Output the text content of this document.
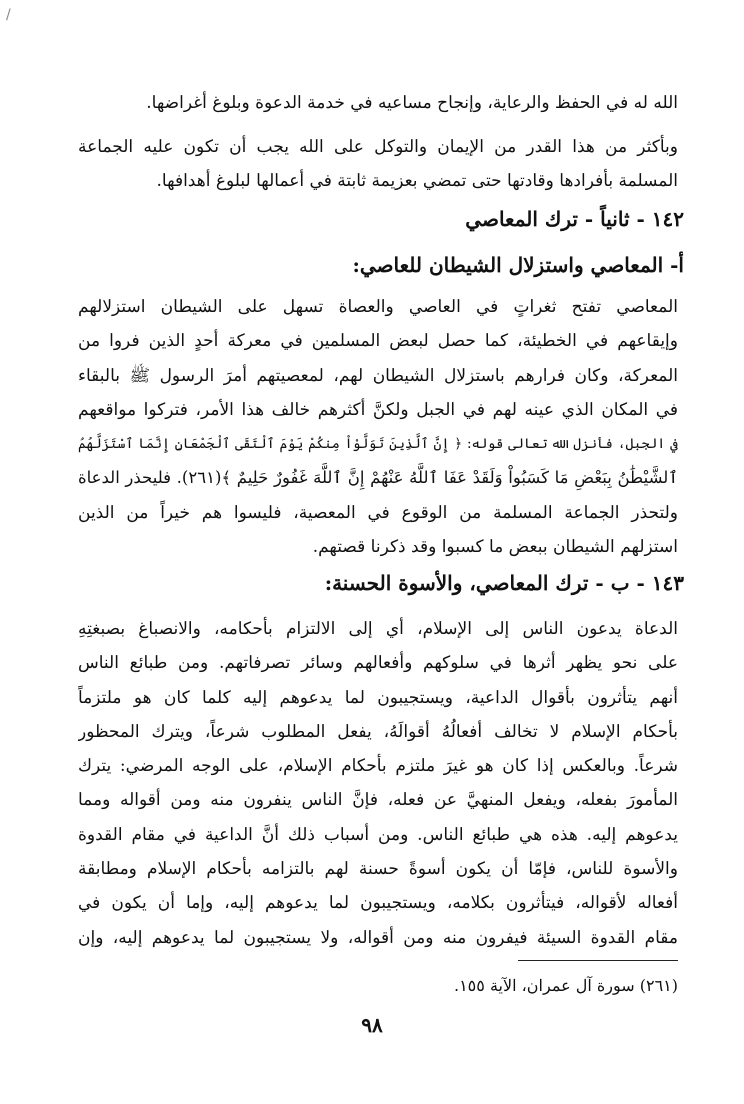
/
الله له في الحفظ والرعاية، وإنجاح مساعيه في خدمة الدعوة وبلوغ أغراضها.
وبأكثر من هذا القدر من الإيمان والتوكل على الله يجب أن تكون عليه الجماعة
المسلمة بأفرادها وقادتها حتى تمضي بعزيمة ثابتة في أعمالها لبلوغ أهدافها.
١٤٢ - ثانياً - ترك المعاصي
أ- المعاصي واستزلال الشيطان للعاصي:
المعاصي تفتح ثغراتٍ في العاصي والعصاة تسهل على الشيطان استزلالهم
وإيقاعهم في الخطيئة، كما حصل لبعض المسلمين في معركة أحدٍ الذين فروا من
المعركة، وكان فرارهم باستزلال الشيطان لهم، لمعصيتهم أمرَ الرسول ﷺ بالبقاء
في المكان الذي عينه لهم في الجبل ولكنَّ أكثرهم خالف هذا الأمر، فتركوا مواقعهم
في الجبل، فأنزل الله تعالى قوله: ﴿ إِنَّ ٱلَّذِينَ تَوَلَّوْاْ مِنكُمْ يَوْمَ ٱلْتَقَى ٱلْجَمْعَانِ إِنَّمَا ٱسْتَزَلَّهُمُ
ٱلشَّيْطَٰنُ بِبَعْضِ مَا كَسَبُواْ وَلَقَدْ عَفَا ٱللَّهُ عَنْهُمْ إِنَّ ٱللَّهَ غَفُورٌ حَلِيمٌ ﴾(٢٦١). فليحذر الدعاة
ولتحذر الجماعة المسلمة من الوقوع في المعصية، فليسوا هم خيراً من الذين
استزلهم الشيطان ببعض ما كسبوا وقد ذكرنا قصتهم.
١٤٣ - ب - ترك المعاصي، والأسوة الحسنة:
الدعاة يدعون الناس إلى الإسلام، أي إلى الالتزام بأحكامه، والانصباغ بصبغتِهِ
على نحو يظهر أثرها في سلوكهم وأفعالهم وسائر تصرفاتهم. ومن طبائع الناس
أنهم يتأثرون بأقوال الداعية، ويستجيبون لما يدعوهم إليه كلما كان هو ملتزماً
بأحكام الإسلام لا تخالف أفعالُهُ أقوالَهُ، يفعل المطلوب شرعاً، ويترك المحظور
شرعاً. وبالعكس إذا كان هو غيرَ ملتزم بأحكام الإسلام، على الوجه المرضي: يترك
المأمورَ بفعله، ويفعل المنهيَّ عن فعله، فإنَّ الناس ينفرون منه ومن أقواله ومما
يدعوهم إليه. هذه هي طبائع الناس. ومن أسباب ذلك أنَّ الداعية في مقام القدوة
والأسوة للناس، فإمّا أن يكون أسوةً حسنة لهم بالتزامه بأحكام الإسلام ومطابقة
أفعاله لأقواله، فيتأثرون بكلامه، ويستجيبون لما يدعوهم إليه، وإما أن يكون في
مقام القدوة السيئة فيفرون منه ومن أقواله، ولا يستجيبون لما يدعوهم إليه، وإن
(٢٦١) سورة آل عمران، الآية ١٥٥.
٩٨
